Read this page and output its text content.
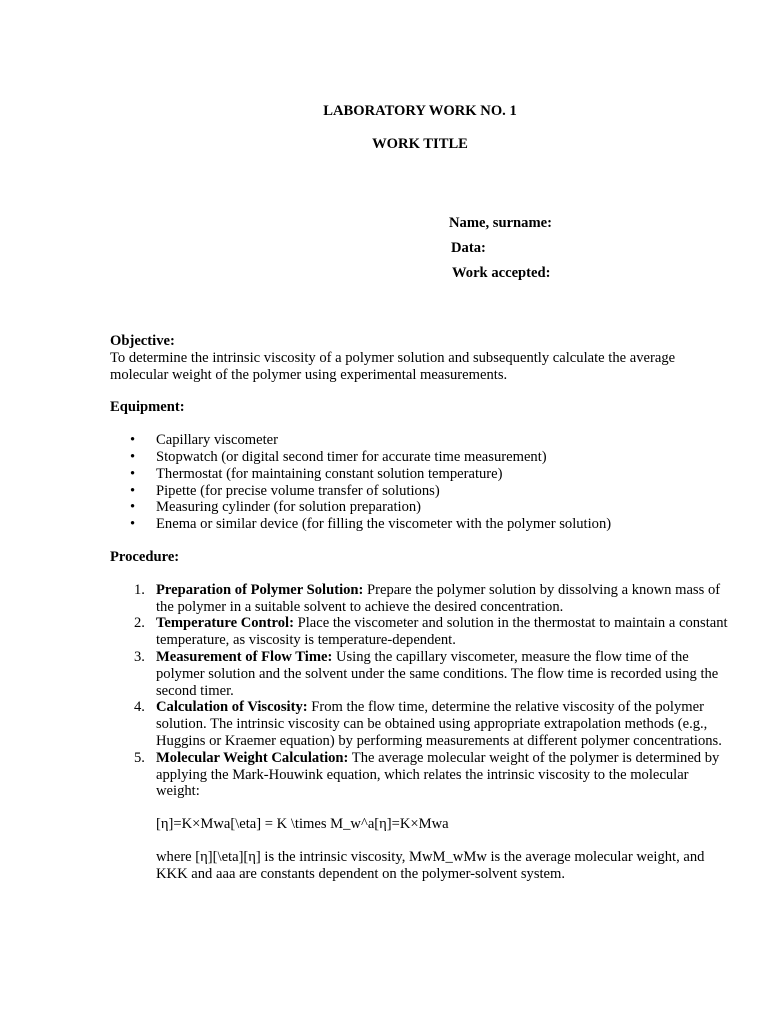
LABORATORY WORK NO. 1
WORK TITLE
Name, surname:
Data:
Work accepted:

Objective:

To determine the intrinsic viscosity of a polymer solution and subsequently calculate the average molecular weight of the polymer using experimental measurements.

Equipment:

• Capillary viscometer
• Stopwatch (or digital second timer for accurate time measurement)
• Thermostat (for maintaining constant solution temperature)
• Pipette (for precise volume transfer of solutions)
• Measuring cylinder (for solution preparation)
• Enema or similar device (for filling the viscometer with the polymer solution)

Procedure:

1. Preparation of Polymer Solution: Prepare the polymer solution by dissolving a known mass of the polymer in a suitable solvent to achieve the desired concentration.
2. Temperature Control: Place the viscometer and solution in the thermostat to maintain a constant temperature, as viscosity is temperature-dependent.
3. Measurement of Flow Time: Using the capillary viscometer, measure the flow time of the polymer solution and the solvent under the same conditions. The flow time is recorded using the second timer.
4. Calculation of Viscosity: From the flow time, determine the relative viscosity of the polymer solution. The intrinsic viscosity can be obtained using appropriate extrapolation methods (e.g., Huggins or Kraemer equation) by performing measurements at different polymer concentrations.
5. Molecular Weight Calculation: The average molecular weight of the polymer is determined by applying the Mark-Houwink equation, which relates the intrinsic viscosity to the molecular weight:

[η]=K×Mwa[\eta] = K \times M_w^a[η]=K×Mwa

where [η][\eta][η] is the intrinsic viscosity, MwM_wMw is the average molecular weight, and KKK and aaa are constants dependent on the polymer-solvent system.
